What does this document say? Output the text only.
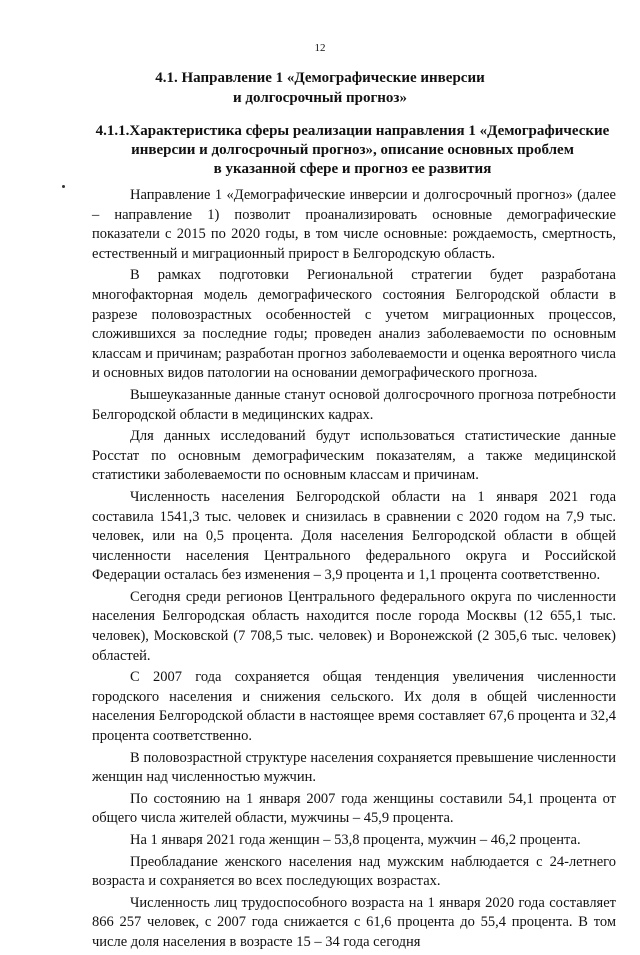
12
4.1. Направление 1 «Демографические инверсии
и долгосрочный прогноз»
4.1.1.Характеристика сферы реализации направления 1 «Демографические
инверсии и долгосрочный прогноз», описание основных проблем
в указанной сфере и прогноз ее развития

Направление 1 «Демографические инверсии и долгосрочный прогноз» (далее – направление 1) позволит проанализировать основные демографические показатели с 2015 по 2020 годы, в том числе основные: рождаемость, смертность, естественный и миграционный прирост в Белгородскую область.

В рамках подготовки Региональной стратегии будет разработана многофакторная модель демографического состояния Белгородской области в разрезе половозрастных особенностей с учетом миграционных процессов, сложившихся за последние годы; проведен анализ заболеваемости по основным классам и причинам; разработан прогноз заболеваемости и оценка вероятного числа и основных видов патологии на основании демографического прогноза.

Вышеуказанные данные станут основой долгосрочного прогноза потребности Белгородской области в медицинских кадрах.

Для данных исследований будут использоваться статистические данные Росстат по основным демографическим показателям, а также медицинской статистики заболеваемости по основным классам и причинам.

Численность населения Белгородской области на 1 января 2021 года составила 1541,3 тыс. человек и снизилась в сравнении с 2020 годом на 7,9 тыс. человек, или на 0,5 процента. Доля населения Белгородской области в общей численности населения Центрального федерального округа и Российской Федерации осталась без изменения – 3,9 процента и 1,1 процента соответственно.

Сегодня среди регионов Центрального федерального округа по численности населения Белгородская область находится после города Москвы (12 655,1 тыс. человек), Московской (7 708,5 тыс. человек) и Воронежской (2 305,6 тыс. человек) областей.

С 2007 года сохраняется общая тенденция увеличения численности городского населения и снижения сельского. Их доля в общей численности населения Белгородской области в настоящее время составляет 67,6 процента и 32,4 процента соответственно.

В половозрастной структуре населения сохраняется превышение численности женщин над численностью мужчин.

По состоянию на 1 января 2007 года женщины составили 54,1 процента от общего числа жителей области, мужчины – 45,9 процента.

На 1 января 2021 года женщин – 53,8 процента, мужчин – 46,2 процента.

Преобладание женского населения над мужским наблюдается с 24-летнего возраста и сохраняется во всех последующих возрастах.

Численность лиц трудоспособного возраста на 1 января 2020 года составляет 866 257 человек, с 2007 года снижается с 61,6 процента до 55,4 процента. В том числе доля населения в возрасте 15 – 34 года сегодня
